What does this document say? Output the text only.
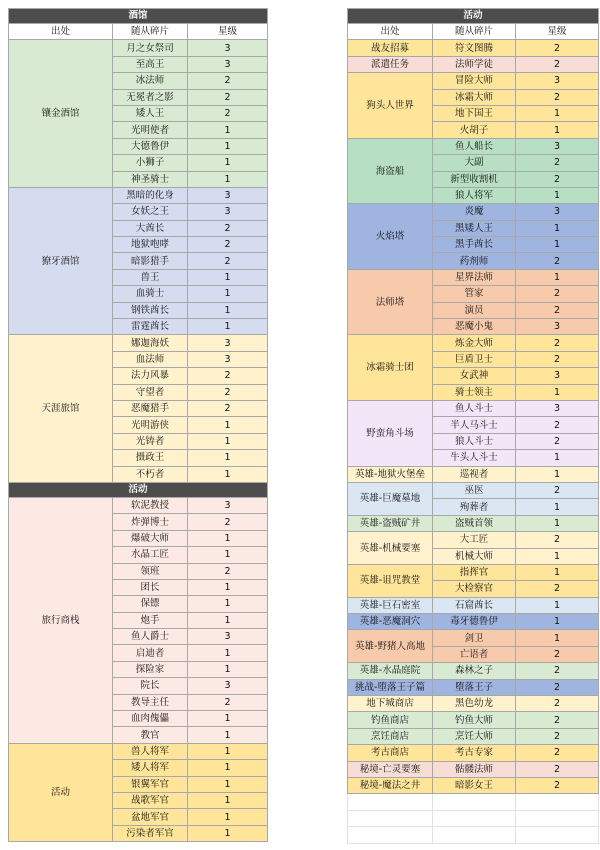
酒馆		
出处	随从碎片	星级
镶金酒馆	月之女祭司	3
	至高王	3
	冰法师	2
	无冕者之影	2
	矮人王	2
	光明使者	1
	大德鲁伊	1
	小狮子	1
	神圣骑士	1
獠牙酒馆	黑暗的化身	3
	女妖之王	3
	大酋长	2
	地狱咆哮	2
	暗影猎手	2
	兽王	1
	血骑士	1
	钢铁酋长	1
	雷霆酋长	1
天涯旅馆	娜迦海妖	3
	血法师	3
	法力风暴	2
	守望者	2
	恶魔猎手	2
	光明游侠	1
	光铸者	1
	摄政王	1
	不朽者	1
活动		
旅行商栈	软泥教授	3
	炸弹博士	2
	爆破大师	1
	水晶工匠	1
	领班	2
	团长	1
	保镖	1
	炮手	1
	鱼人爵士	3
	启迪者	1
	探险家	1
	院长	3
	教导主任	2
	血肉傀儡	1
	教官	1
活动	兽人将军	1
	矮人将军	1
	银翼军官	1
	战歌军官	1
	盆地军官	1
	污染者军官	1
活动		
出处	随从碎片	星级
战友招募	符文图腾	2
派遣任务	法师学徒	2
狗头人世界	冒险大师	3
	冰霜大师	2
	地下国王	1
	火胡子	1
海盗船	鱼人船长	3
	大副	2
	新型收割机	2
	狼人将军	1
火焰塔	炎魔	3
	黑矮人王	1
	黑手酋长	1
	药剂师	2
法师塔	星界法师	1
	管家	2
	演员	2
	恶魔小鬼	3
冰霜骑士团	炼金大师	2
	巨盾卫士	2
	女武神	3
	骑士领主	1
野蛮角斗场	鱼人斗士	3
	半人马斗士	2
	狼人斗士	2
	牛头人斗士	1
英雄-地狱火堡垒	巡视者	1
英雄-巨魔墓地	巫医	2
	殉葬者	1
英雄-盗贼矿井	盗贼首领	1
英雄-机械要塞	大工匠	2
	机械大师	1
英雄-诅咒教堂	指挥官	1
	大检察官	2
英雄-巨石密室	石窟酋长	1
英雄-恶魔洞穴	毒牙德鲁伊	1
英雄-野猪人高地	剑卫	1
	亡语者	2
英雄-水晶庭院	森林之子	2
挑战-堕落王子篇	堕落王子	2
地下城商店	黑色幼龙	2
钓鱼商店	钓鱼大师	2
烹饪商店	烹饪大师	2
考古商店	考古专家	2
秘境-亡灵要塞	骷髅法师	2
秘境-魔法之井	暗影女王	2
